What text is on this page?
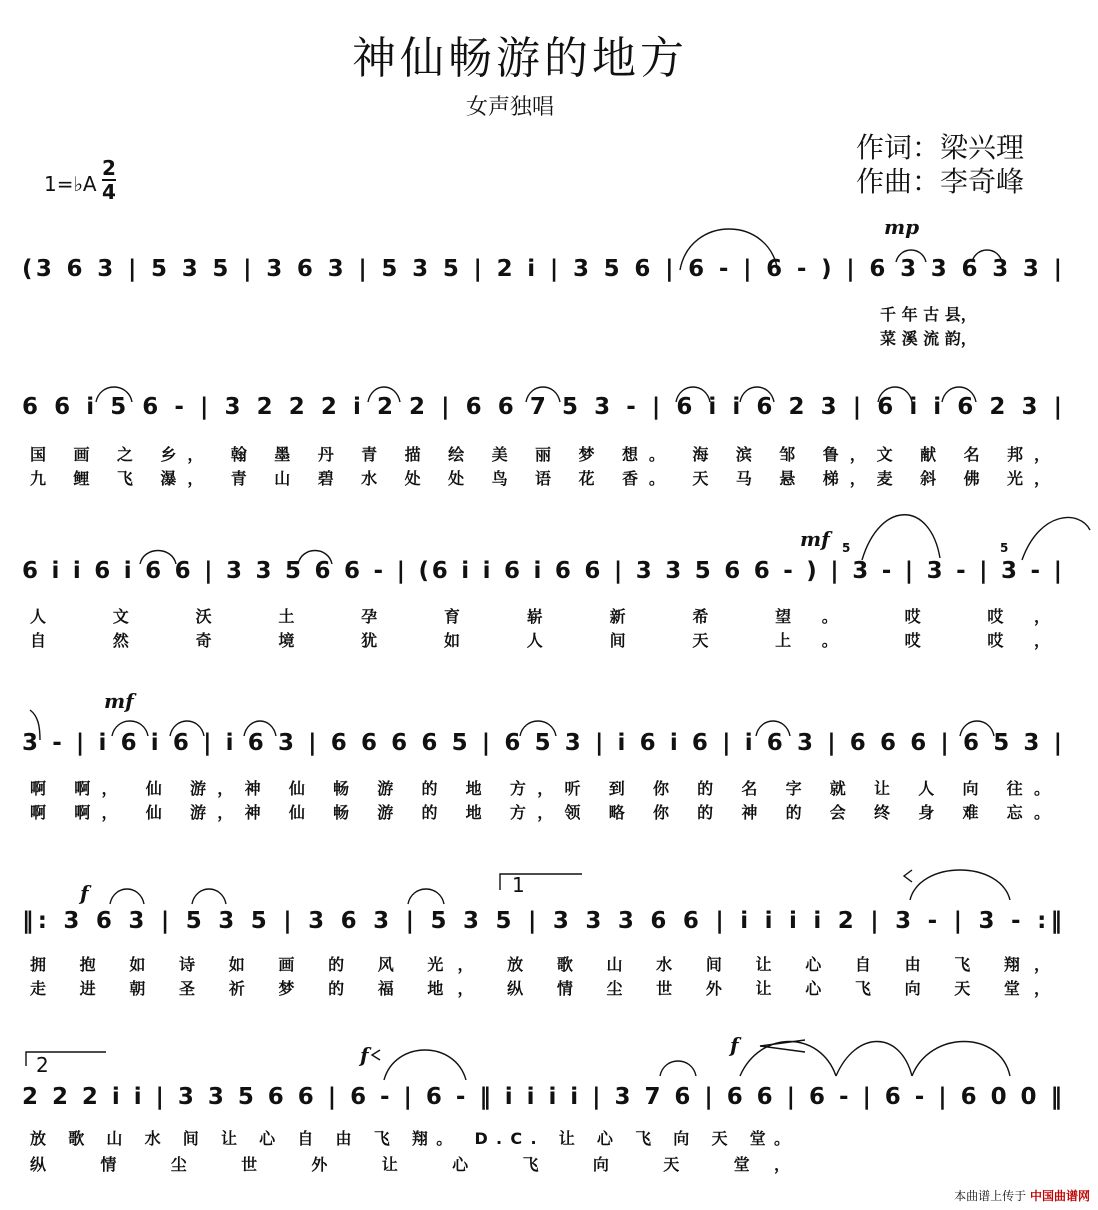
(3 6 3 | 5 3 5 | 3 6 3 | 5 3 5 | 2 i | 3 5 6 | 6 - | 6 - ) | 6 3 3 6 3 3 |
千 年 古 县，
菜 溪 流 韵，
6 6 i 5 6 - | 3 2 2 2 i 2 2 | 6 6 7 5 3 - | 6 i i 6 2 3 | 6 i i 6 2 3 |
国 画 之 乡， 翰 墨 丹 青 描 绘 美 丽 梦 想。 海 滨 邹 鲁，文 献 名 邦，
九 鲤 飞 瀑， 青 山 碧 水 处 处 鸟 语 花 香。 天 马 悬 梯，麦 斜 佛 光，
6 i i 6 i 6 6 | 3 3 5 6 6 - | (6 i i 6 i 6 6 | 3 3 5 6 6 - ) | 3 - | 3 - | 3 - |
人 文 沃 土 孕 育 崭 新 希 望。 哎 哎，
自 然 奇 境 犹 如 人 间 天 上。 哎 哎，
3 - | i 6 i 6 | i 6 3 | 6 6 6 6 5 | 6 5 3 | i 6 i 6 | i 6 3 | 6 6 6 | 6 5 3 |
啊 啊， 仙 游，神 仙 畅 游 的 地 方，听 到 你 的 名 字 就 让 人 向 往。
啊 啊， 仙 游，神 仙 畅 游 的 地 方，领 略 你 的 神 的 会 终 身 难 忘。
‖: 3 6 3 | 5 3 5 | 3 6 3 | 5 3 5 | 3 3 3 6 6 | i i i i 2 | 3 - | 3 - :‖
拥 抱 如 诗 如 画 的 风 光， 放 歌 山 水 间 让 心 自 由 飞 翔，
走 进 朝 圣 祈 梦 的 福 地， 纵 情 尘 世 外 让 心 飞 向 天 堂，
2 2 2 i i | 3 3 5 6 6 | 6 - | 6 - ‖ i i i i | 3 7 6 | 6 6 | 6 - | 6 - | 6 0 0 ‖
放 歌 山 水 间 让 心 自 由 飞 翔。 D.C. 让 心 飞 向 天 堂。
纵 情 尘 世 外 让 心 飞 向 天 堂，
mp
mf
mf
f
f	f
1
2
5	5
神仙畅游的地方
女声独唱
作词：梁兴理
作曲：李奇峰
1=♭A
2
4
本曲谱上传于 中国曲谱网
